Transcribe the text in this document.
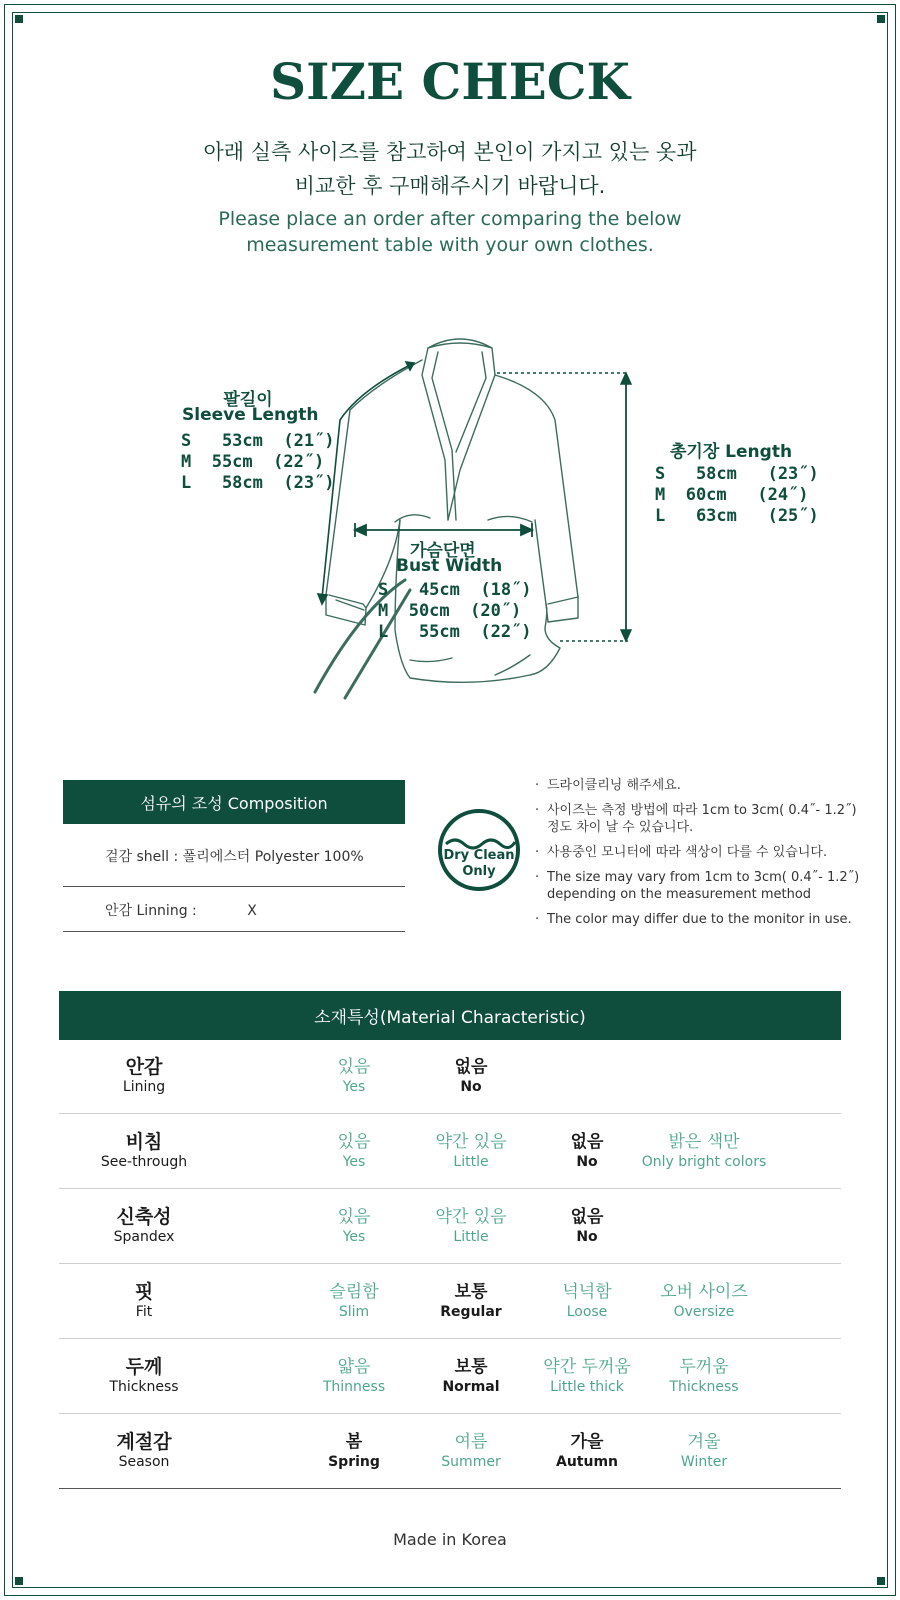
SIZE CHECK
아래 실측 사이즈를 참고하여 본인이 가지고 있는 옷과
비교한 후 구매해주시기 바랍니다.
Please place an order after comparing the below
measurement table with your own clothes.
팔길이
Sleeve Length
S   53cm  (21˝)
M  55cm  (22˝)
L   58cm  (23˝)
총기장 Length
S   58cm   (23˝)
M  60cm   (24˝)
L   63cm   (25˝)
가슴단면
Bust Width
S   45cm  (18˝)
M  50cm  (20˝)
L   55cm  (22˝)
섬유의 조성 Composition
겉감 shell : 폴리에스터 Polyester 100%
안감 Linning :	X
Dry Clean
Only
· 드라이클리닝 해주세요.
· 사이즈는 측정 방법에 따라 1cm to 3cm( 0.4˝- 1.2˝)
정도 차이 날 수 있습니다.
· 사용중인 모니터에 따라 색상이 다를 수 있습니다.
· The size may vary from 1cm to 3cm( 0.4˝- 1.2˝)
depending on the measurement method
· The color may differ due to the monitor in use.
소재특성(Material Characteristic)
안감
Lining
있음
Yes
없음
No
비침
See-through
있음
Yes
약간 있음
Little
없음
No
밝은 색만
Only bright colors
신축성
Spandex
있음
Yes
약간 있음
Little
없음
No
핏
Fit
슬림함
Slim
보통
Regular
넉넉함
Loose
오버 사이즈
Oversize
두께
Thickness
얇음
Thinness
보통
Normal
약간 두꺼움
Little thick
두꺼움
Thickness
계절감
Season
봄
Spring
여름
Summer
가을
Autumn
겨울
Winter
Made in Korea
